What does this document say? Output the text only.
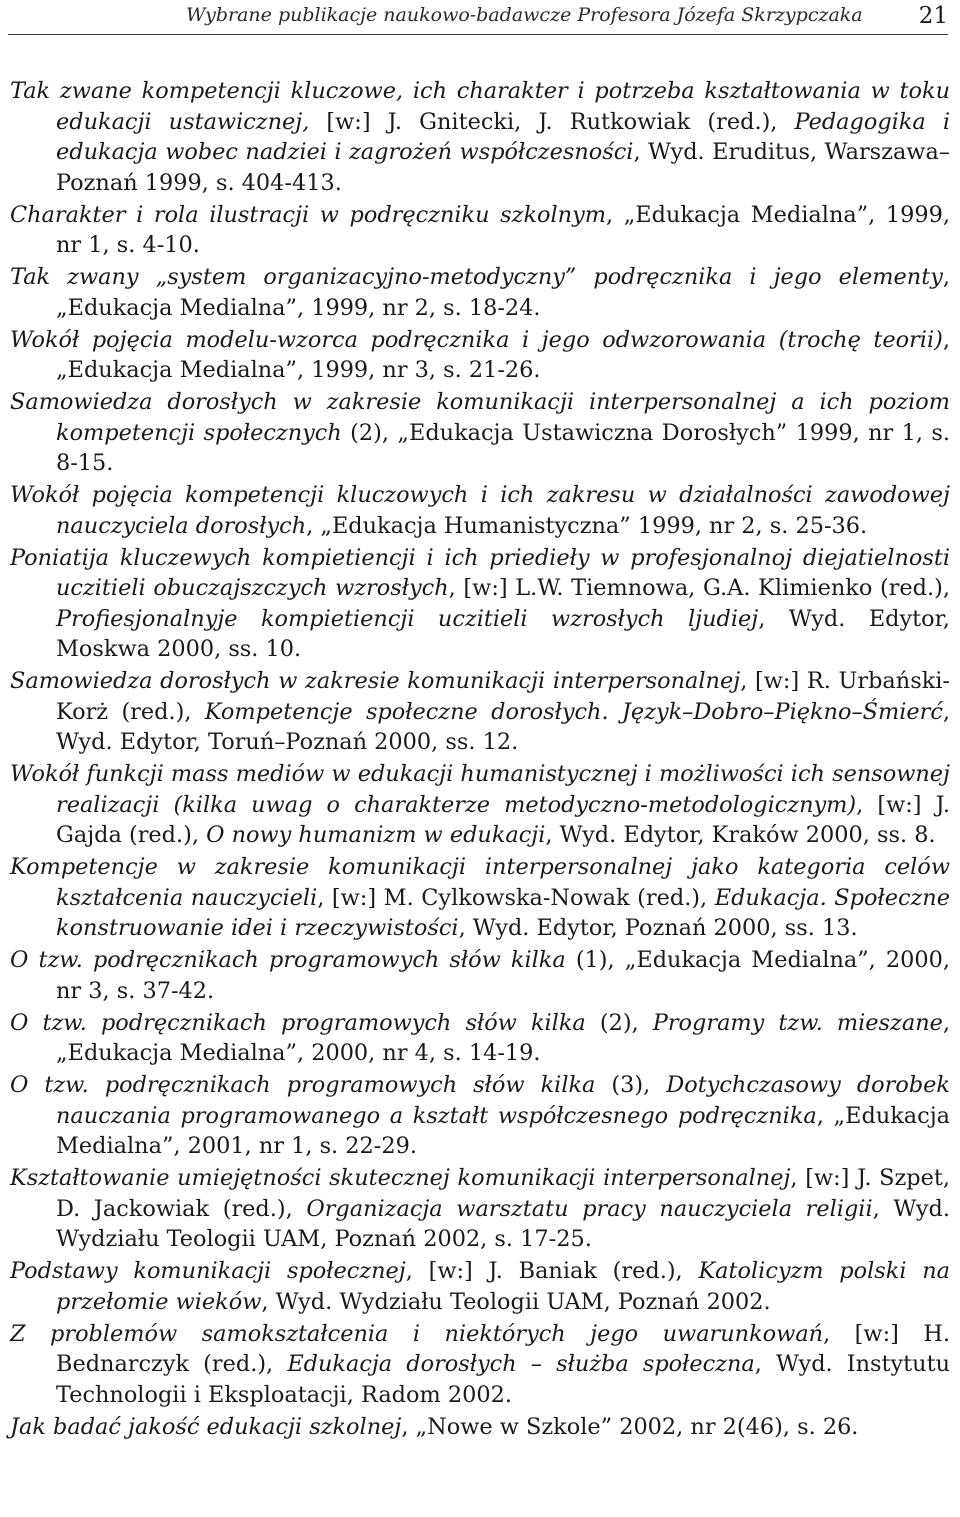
Wybrane publikacje naukowo-badawcze Profesora Józefa Skrzypczaka 21

Tak zwane kompetencji kluczowe, ich charakter i potrzeba kształtowania w toku edukacji ustawicznej, [w:] J. Gnitecki, J. Rutkowiak (red.), Pedagogika i edukacja wobec nadziei i zagrożeń współczesności, Wyd. Eruditus, Warszawa–Poznań 1999, s. 404-413.

Charakter i rola ilustracji w podręczniku szkolnym, „Edukacja Medialna”, 1999, nr 1, s. 4-10.

Tak zwany „system organizacyjno-metodyczny” podręcznika i jego elementy, „Edukacja Medialna”, 1999, nr 2, s. 18-24.

Wokół pojęcia modelu-wzorca podręcznika i jego odwzorowania (trochę teorii), „Edukacja Medialna”, 1999, nr 3, s. 21-26.

Samowiedza dorosłych w zakresie komunikacji interpersonalnej a ich poziom kompetencji społecznych (2), „Edukacja Ustawiczna Dorosłych” 1999, nr 1, s. 8-15.

Wokół pojęcia kompetencji kluczowych i ich zakresu w działalności zawodowej nauczyciela dorosłych, „Edukacja Humanistyczna” 1999, nr 2, s. 25-36.

Poniatija kluczewych kompietiencji i ich priedieły w profesjonalnoj diejatielnosti uczitieli obuczajszczych wzrosłych, [w:] L.W. Tiemnowa, G.A. Klimienko (red.), Profiesjonalnyje kompietiencji uczitieli wzrosłych ljudiej, Wyd. Edytor, Moskwa 2000, ss. 10.

Samowiedza dorosłych w zakresie komunikacji interpersonalnej, [w:] R. Urbański-Korż (red.), Kompetencje społeczne dorosłych. Język–Dobro–Piękno–Śmierć, Wyd. Edytor, Toruń–Poznań 2000, ss. 12.

Wokół funkcji mass mediów w edukacji humanistycznej i możliwości ich sensownej realizacji (kilka uwag o charakterze metodyczno-metodologicznym), [w:] J. Gajda (red.), O nowy humanizm w edukacji, Wyd. Edytor, Kraków 2000, ss. 8.

Kompetencje w zakresie komunikacji interpersonalnej jako kategoria celów kształcenia nauczycieli, [w:] M. Cylkowska-Nowak (red.), Edukacja. Społeczne konstruowanie idei i rzeczywistości, Wyd. Edytor, Poznań 2000, ss. 13.

O tzw. podręcznikach programowych słów kilka (1), „Edukacja Medialna”, 2000, nr 3, s. 37-42.

O tzw. podręcznikach programowych słów kilka (2), Programy tzw. mieszane, „Edukacja Medialna”, 2000, nr 4, s. 14-19.

O tzw. podręcznikach programowych słów kilka (3), Dotychczasowy dorobek nauczania programowanego a kształt współczesnego podręcznika, „Edukacja Medialna”, 2001, nr 1, s. 22-29.

Kształtowanie umiejętności skutecznej komunikacji interpersonalnej, [w:] J. Szpet, D. Jackowiak (red.), Organizacja warsztatu pracy nauczyciela religii, Wyd. Wydziału Teologii UAM, Poznań 2002, s. 17-25.

Podstawy komunikacji społecznej, [w:] J. Baniak (red.), Katolicyzm polski na przełomie wieków, Wyd. Wydziału Teologii UAM, Poznań 2002.

Z problemów samokształcenia i niektórych jego uwarunkowań, [w:] H. Bednarczyk (red.), Edukacja dorosłych – służba społeczna, Wyd. Instytutu Technologii i Eksploatacji, Radom 2002.

Jak badać jakość edukacji szkolnej, „Nowe w Szkole” 2002, nr 2(46), s. 26.
